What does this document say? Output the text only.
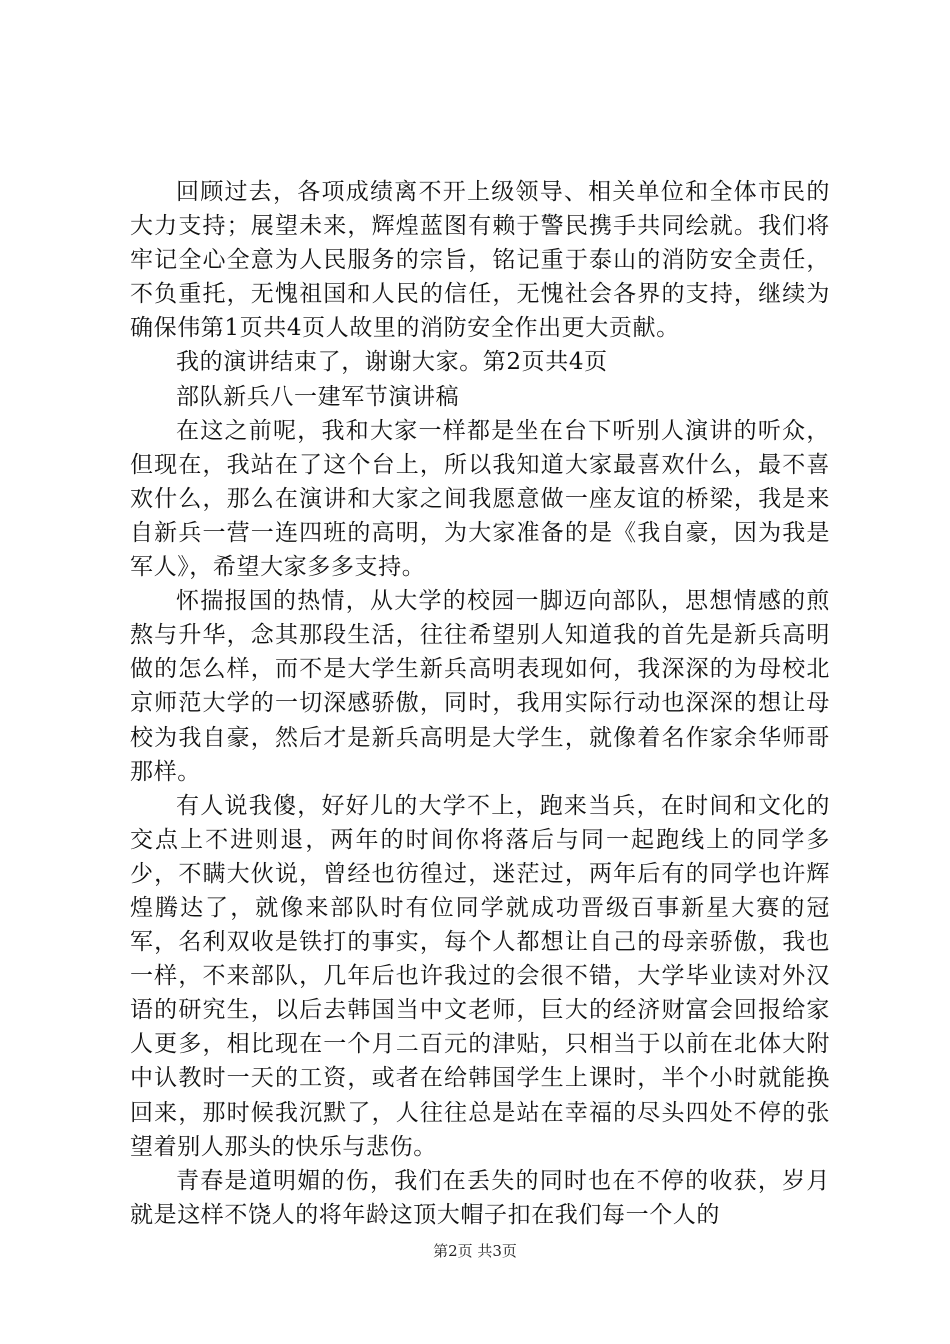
回顾过去，各项成绩离不开上级领导、相关单位和全体市民的大力支持；展望未来，辉煌蓝图有赖于警民携手共同绘就。我们将牢记全心全意为人民服务的宗旨，铭记重于泰山的消防安全责任，不负重托，无愧祖国和人民的信任，无愧社会各界的支持，继续为确保伟第1页共4页人故里的消防安全作出更大贡献。

我的演讲结束了，谢谢大家。第2页共4页

部队新兵八一建军节演讲稿

在这之前呢，我和大家一样都是坐在台下听别人演讲的听众，但现在，我站在了这个台上，所以我知道大家最喜欢什么，最不喜欢什么，那么在演讲和大家之间我愿意做一座友谊的桥梁，我是来自新兵一营一连四班的高明，为大家准备的是《我自豪，因为我是军人》，希望大家多多支持。

怀揣报国的热情，从大学的校园一脚迈向部队，思想情感的煎熬与升华，念其那段生活，往往希望别人知道我的首先是新兵高明做的怎么样，而不是大学生新兵高明表现如何，我深深的为母校北京师范大学的一切深感骄傲，同时，我用实际行动也深深的想让母校为我自豪，然后才是新兵高明是大学生，就像着名作家余华师哥那样。

有人说我傻，好好儿的大学不上，跑来当兵，在时间和文化的交点上不进则退，两年的时间你将落后与同一起跑线上的同学多少，不瞒大伙说，曾经也彷徨过，迷茫过，两年后有的同学也许辉煌腾达了，就像来部队时有位同学就成功晋级百事新星大赛的冠军，名利双收是铁打的事实，每个人都想让自己的母亲骄傲，我也一样，不来部队，几年后也许我过的会很不错，大学毕业读对外汉语的研究生，以后去韩国当中文老师，巨大的经济财富会回报给家人更多，相比现在一个月二百元的津贴，只相当于以前在北体大附中认教时一天的工资，或者在给韩国学生上课时，半个小时就能换回来，那时候我沉默了，人往往总是站在幸福的尽头四处不停的张望着别人那头的快乐与悲伤。

青春是道明媚的伤，我们在丢失的同时也在不停的收获，岁月就是这样不饶人的将年龄这顶大帽子扣在我们每一个人的

第2页 共3页
